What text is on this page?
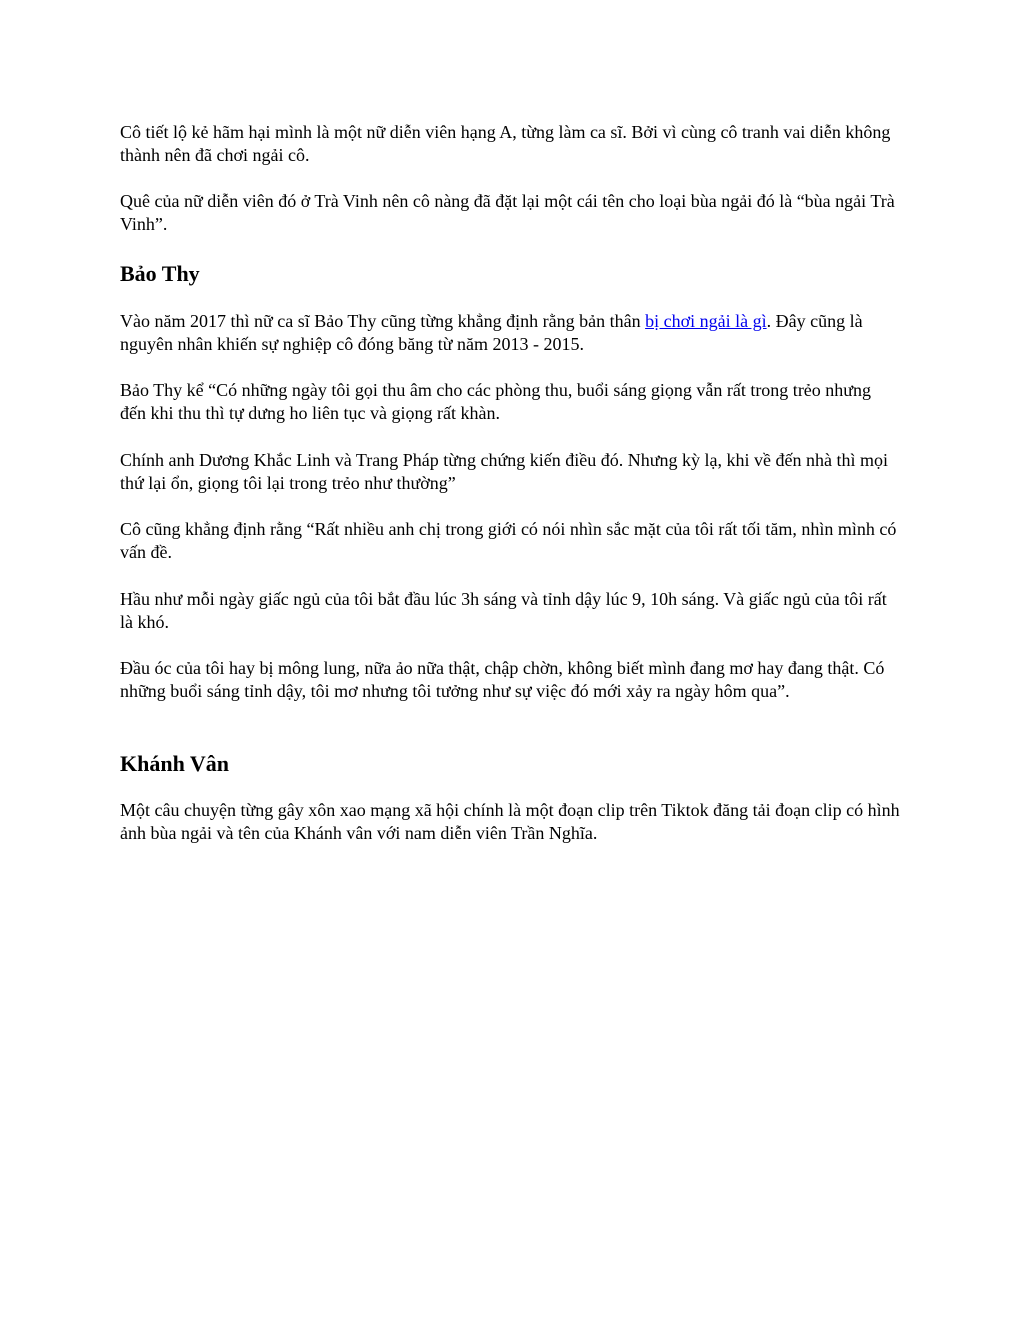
Cô tiết lộ kẻ hãm hại mình là một nữ diễn viên hạng A, từng làm ca sĩ. Bởi vì cùng cô tranh vai diễn không thành nên đã chơi ngải cô.

Quê của nữ diễn viên đó ở Trà Vinh nên cô nàng đã đặt lại một cái tên cho loại bùa ngải đó là “bùa ngải Trà Vinh”.

Bảo Thy

Vào năm 2017 thì nữ ca sĩ Bảo Thy cũng từng khẳng định rằng bản thân bị chơi ngải là gì. Đây cũng là nguyên nhân khiến sự nghiệp cô đóng băng từ năm 2013 - 2015.

Bảo Thy kể “Có những ngày tôi gọi thu âm cho các phòng thu, buổi sáng giọng vẫn rất trong trẻo nhưng đến khi thu thì tự dưng ho liên tục và giọng rất khàn.

Chính anh Dương Khắc Linh và Trang Pháp từng chứng kiến điều đó. Nhưng kỳ lạ, khi về đến nhà thì mọi thứ lại ổn, giọng tôi lại trong trẻo như thường”

Cô cũng khẳng định rằng “Rất nhiều anh chị trong giới có nói nhìn sắc mặt của tôi rất tối tăm, nhìn mình có vấn đề.

Hầu như mỗi ngày giấc ngủ của tôi bắt đầu lúc 3h sáng và tỉnh dậy lúc 9, 10h sáng. Và giấc ngủ của tôi rất là khó.

Đầu óc của tôi hay bị mông lung, nữa ảo nữa thật, chập chờn, không biết mình đang mơ hay đang thật. Có những buổi sáng tỉnh dậy, tôi mơ nhưng tôi tưởng như sự việc đó mới xảy ra ngày hôm qua”.

Khánh Vân

Một câu chuyện từng gây xôn xao mạng xã hội chính là một đoạn clip trên Tiktok đăng tải đoạn clip có hình ảnh bùa ngải và tên của Khánh vân với nam diễn viên Trần Nghĩa.
